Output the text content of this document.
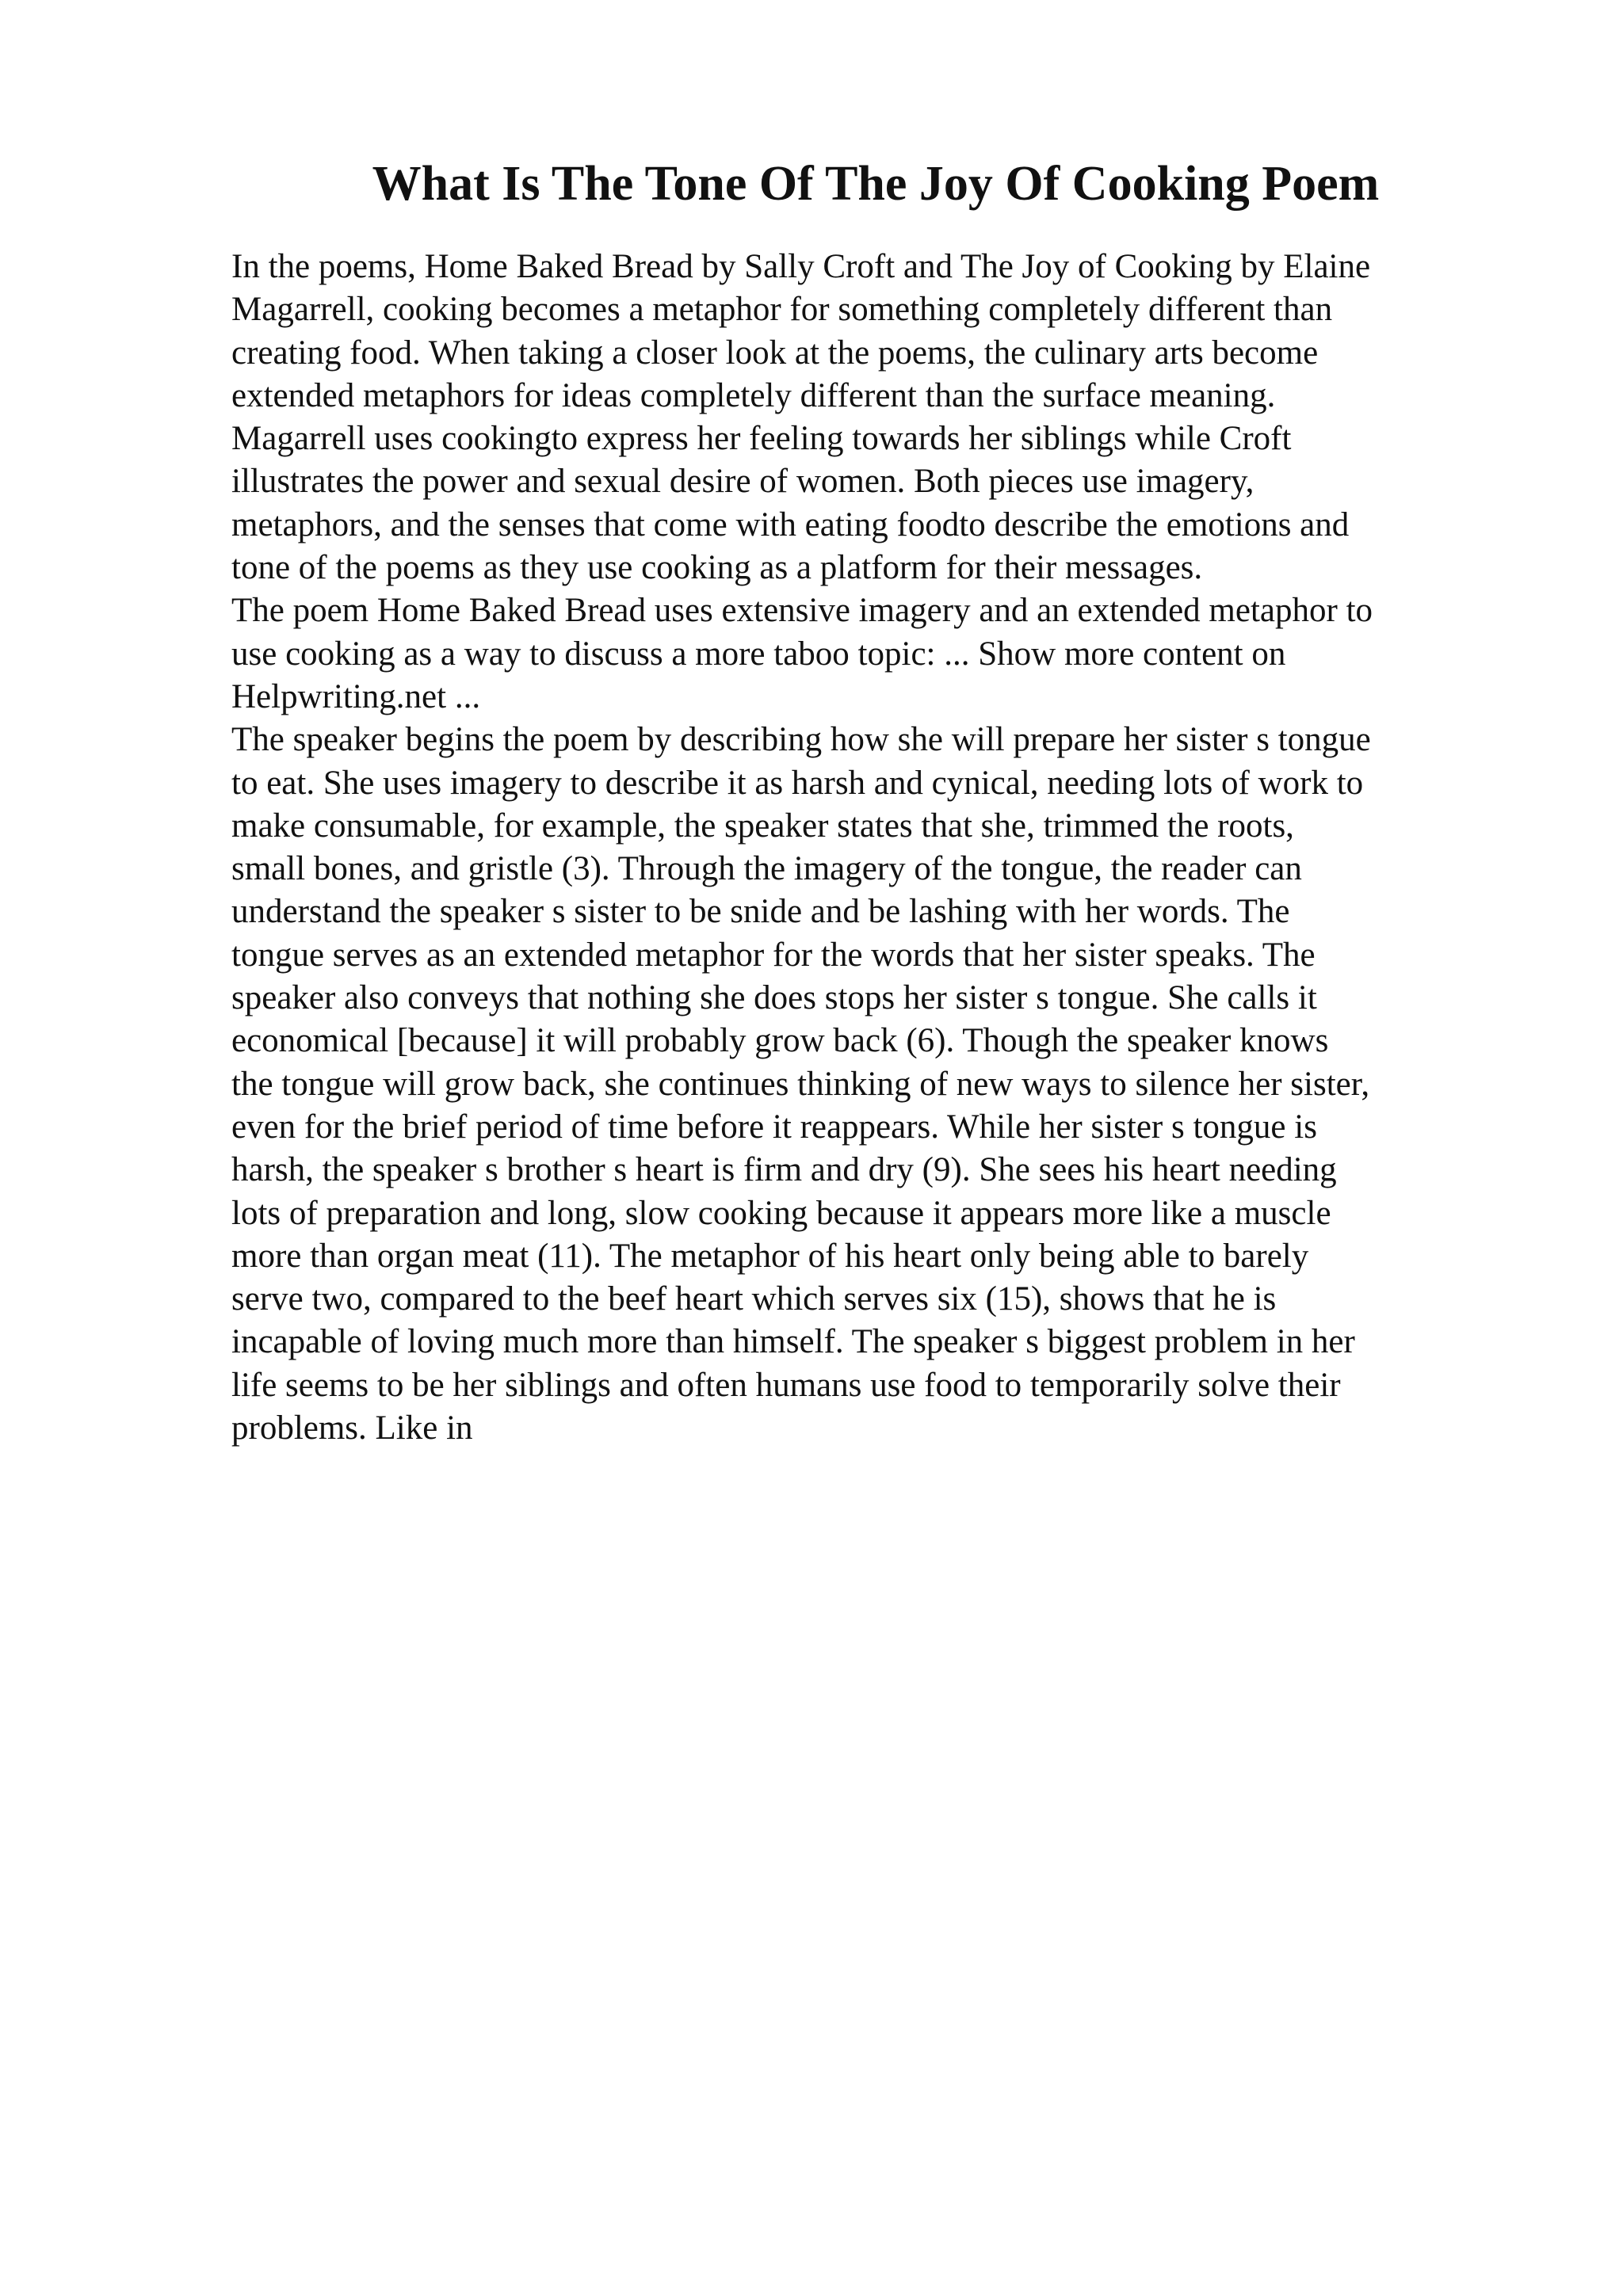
What Is The Tone Of The Joy Of Cooking Poem
In the poems, Home Baked Bread by Sally Croft and The Joy of Cooking by Elaine
Magarrell, cooking becomes a metaphor for something completely different than
creating food. When taking a closer look at the poems, the culinary arts become
extended metaphors for ideas completely different than the surface meaning.
Magarrell uses cookingto express her feeling towards her siblings while Croft
illustrates the power and sexual desire of women. Both pieces use imagery,
metaphors, and the senses that come with eating foodto describe the emotions and
tone of the poems as they use cooking as a platform for their messages.
The poem Home Baked Bread uses extensive imagery and an extended metaphor to
use cooking as a way to discuss a more taboo topic: ... Show more content on
Helpwriting.net ...
The speaker begins the poem by describing how she will prepare her sister s tongue
to eat. She uses imagery to describe it as harsh and cynical, needing lots of work to
make consumable, for example, the speaker states that she, trimmed the roots,
small bones, and gristle (3). Through the imagery of the tongue, the reader can
understand the speaker s sister to be snide and be lashing with her words. The
tongue serves as an extended metaphor for the words that her sister speaks. The
speaker also conveys that nothing she does stops her sister s tongue. She calls it
economical [because] it will probably grow back (6). Though the speaker knows
the tongue will grow back, she continues thinking of new ways to silence her sister,
even for the brief period of time before it reappears. While her sister s tongue is
harsh, the speaker s brother s heart is firm and dry (9). She sees his heart needing
lots of preparation and long, slow cooking because it appears more like a muscle
more than organ meat (11). The metaphor of his heart only being able to barely
serve two, compared to the beef heart which serves six (15), shows that he is
incapable of loving much more than himself. The speaker s biggest problem in her
life seems to be her siblings and often humans use food to temporarily solve their
problems. Like in
